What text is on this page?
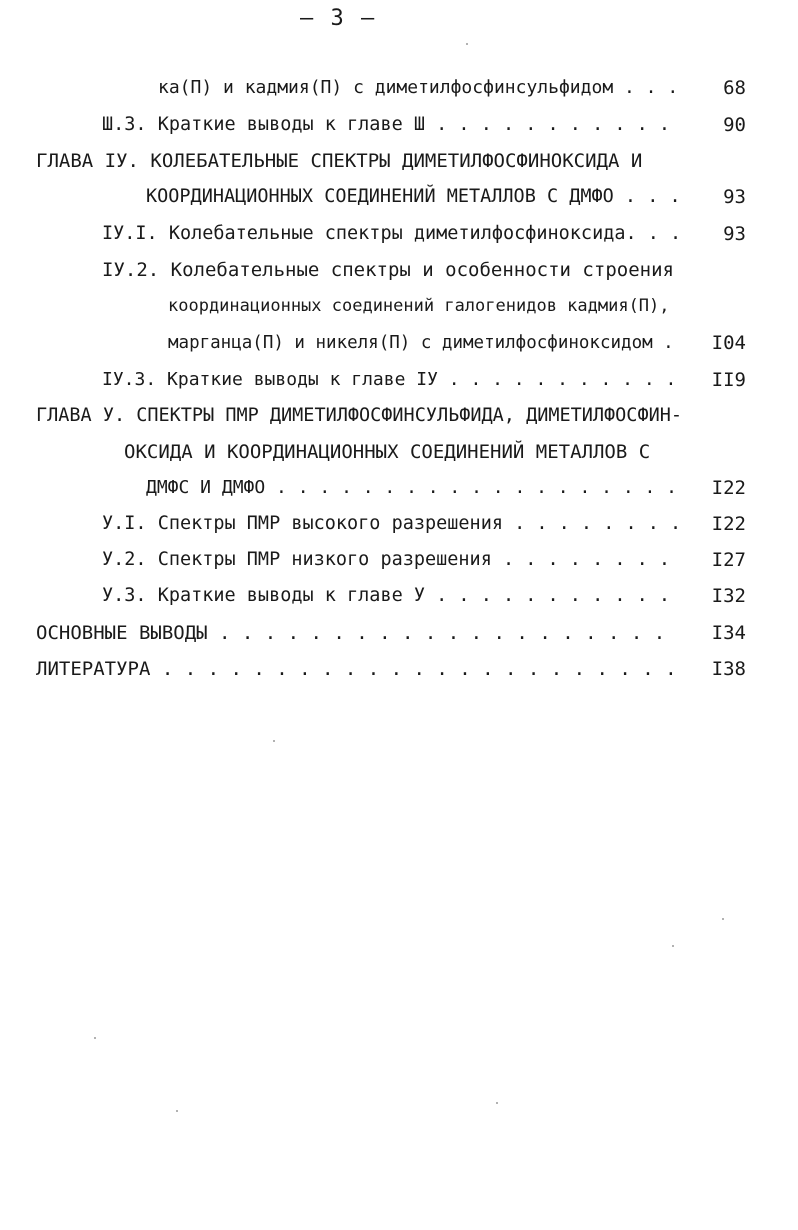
– 3 –
ка(П) и кадмия(П) с диметилфосфинсульфидом . . .	68
Ш.3. Краткие выводы к главе Ш . . . . . . . . . . .	90
ГЛАВА IУ. КОЛЕБАТЕЛЬНЫЕ СПЕКТРЫ ДИМЕТИЛФОСФИНОКСИДА И
КООРДИНАЦИОННЫХ СОЕДИНЕНИЙ МЕТАЛЛОВ С ДМФО . . .	93
IУ.I. Колебательные спектры диметилфосфиноксида. . .	93
IУ.2. Колебательные спектры и особенности строения
координационных соединений галогенидов кадмия(П),
марганца(П) и никеля(П) с диметилфосфиноксидом .	I04
IУ.3. Краткие выводы к главе IУ . . . . . . . . . . .	II9
ГЛАВА У. СПЕКТРЫ ПМР ДИМЕТИЛФОСФИНСУЛЬФИДА, ДИМЕТИЛФОСФИН-
ОКСИДА И КООРДИНАЦИОННЫХ СОЕДИНЕНИЙ МЕТАЛЛОВ С
ДМФС И ДМФО . . . . . . . . . . . . . . . . . . .	I22
У.I. Спектры ПМР высокого разрешения . . . . . . . .	I22
У.2. Спектры ПМР низкого разрешения . . . . . . . .	I27
У.3. Краткие выводы к главе У . . . . . . . . . . .	I32
ОСНОВНЫЕ ВЫВОДЫ . . . . . . . . . . . . . . . . . . . .	I34
ЛИТЕРАТУРА . . . . . . . . . . . . . . . . . . . . . . .	I38
